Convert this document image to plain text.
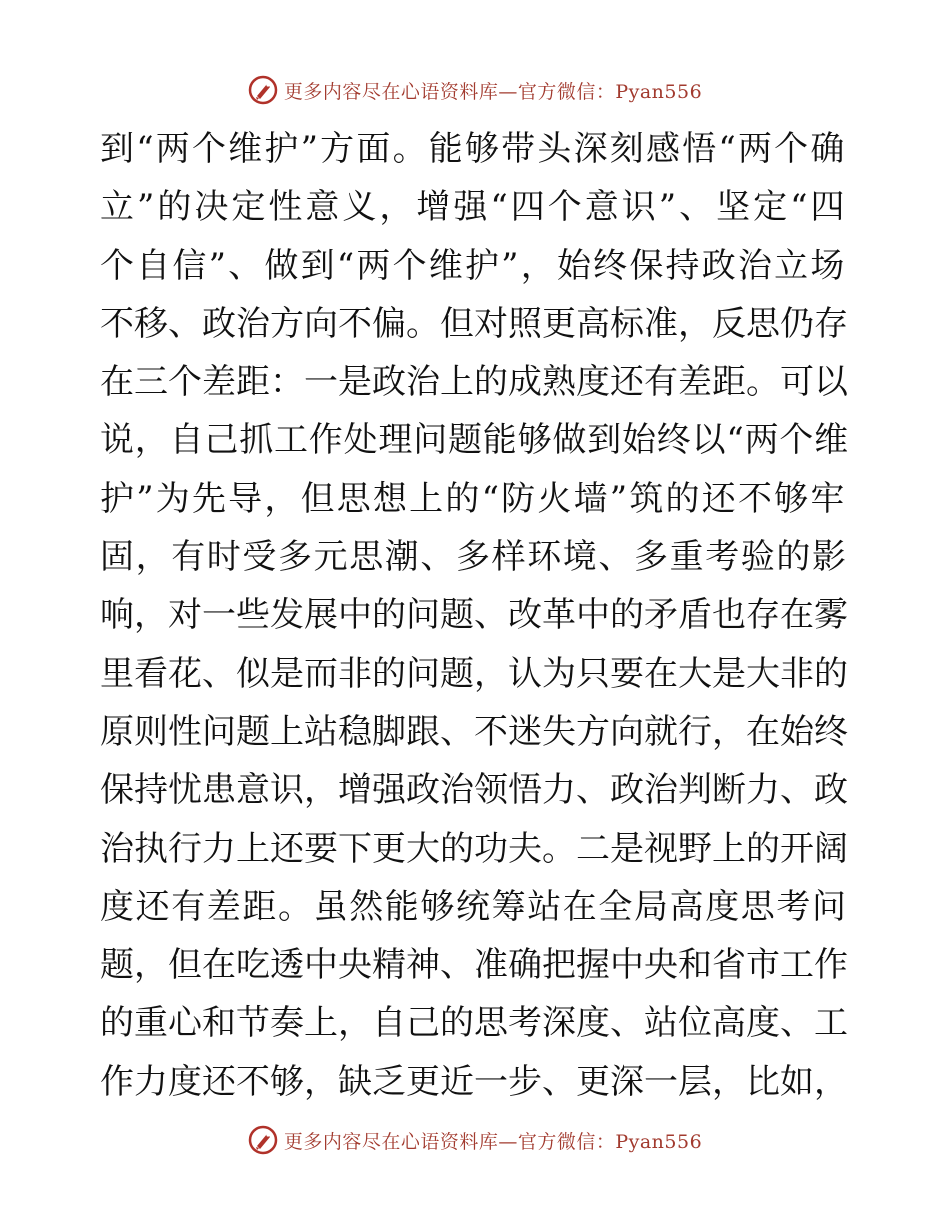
更多内容尽在心语资料库—官方微信：Pyan556
到“两个维护”方面。能够带头深刻感悟“两个确
立”的决定性意义，增强“四个意识”、坚定“四
个自信”、做到“两个维护”，始终保持政治立场
不移、政治方向不偏。但对照更高标准，反思仍存
在三个差距：一是政治上的成熟度还有差距。可以
说，自己抓工作处理问题能够做到始终以“两个维
护”为先导，但思想上的“防火墙”筑的还不够牢
固，有时受多元思潮、多样环境、多重考验的影
响，对一些发展中的问题、改革中的矛盾也存在雾
里看花、似是而非的问题，认为只要在大是大非的
原则性问题上站稳脚跟、不迷失方向就行，在始终
保持忧患意识，增强政治领悟力、政治判断力、政
治执行力上还要下更大的功夫。二是视野上的开阔
度还有差距。虽然能够统筹站在全局高度思考问
题，但在吃透中央精神、准确把握中央和省市工作
的重心和节奏上，自己的思考深度、站位高度、工
作力度还不够，缺乏更近一步、更深一层，比如，
更多内容尽在心语资料库—官方微信：Pyan556
